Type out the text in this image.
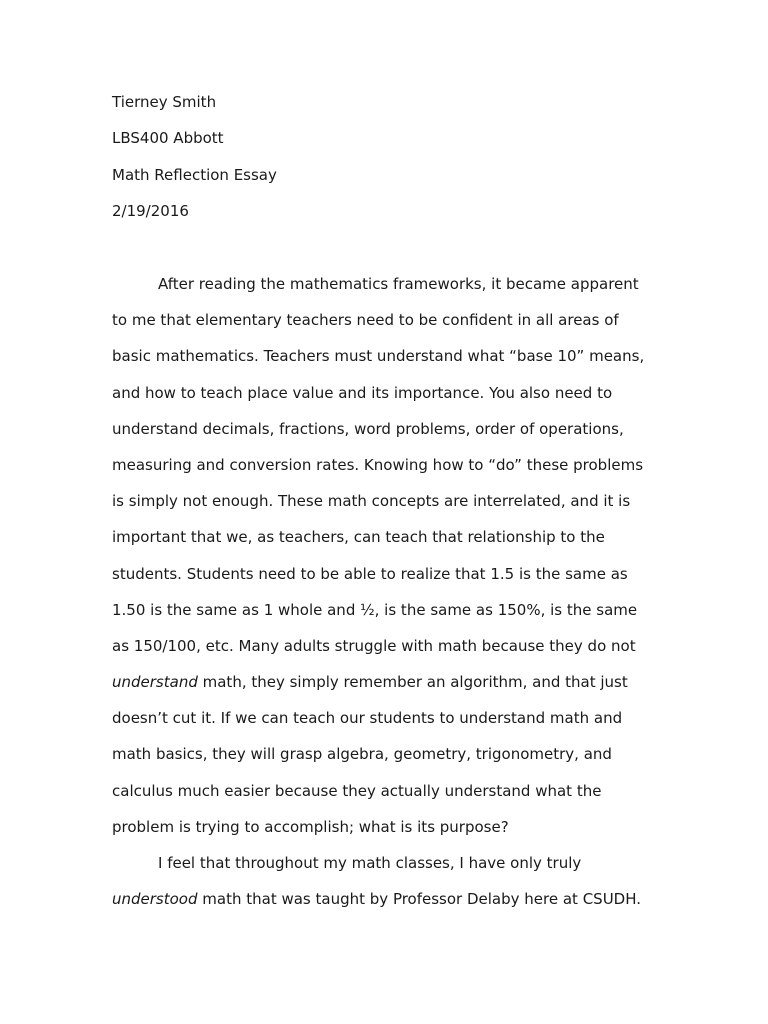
Tierney Smith
LBS400 Abbott
Math Reflection Essay
2/19/2016
After reading the mathematics frameworks, it became apparent
to me that elementary teachers need to be confident in all areas of
basic mathematics. Teachers must understand what “base 10” means,
and how to teach place value and its importance. You also need to
understand decimals, fractions, word problems, order of operations,
measuring and conversion rates. Knowing how to “do” these problems
is simply not enough. These math concepts are interrelated, and it is
important that we, as teachers, can teach that relationship to the
students. Students need to be able to realize that 1.5 is the same as
1.50 is the same as 1 whole and ½, is the same as 150%, is the same
as 150/100, etc. Many adults struggle with math because they do not
understand math, they simply remember an algorithm, and that just
doesn’t cut it. If we can teach our students to understand math and
math basics, they will grasp algebra, geometry, trigonometry, and
calculus much easier because they actually understand what the
problem is trying to accomplish; what is its purpose?
I feel that throughout my math classes, I have only truly
understood math that was taught by Professor Delaby here at CSUDH.
